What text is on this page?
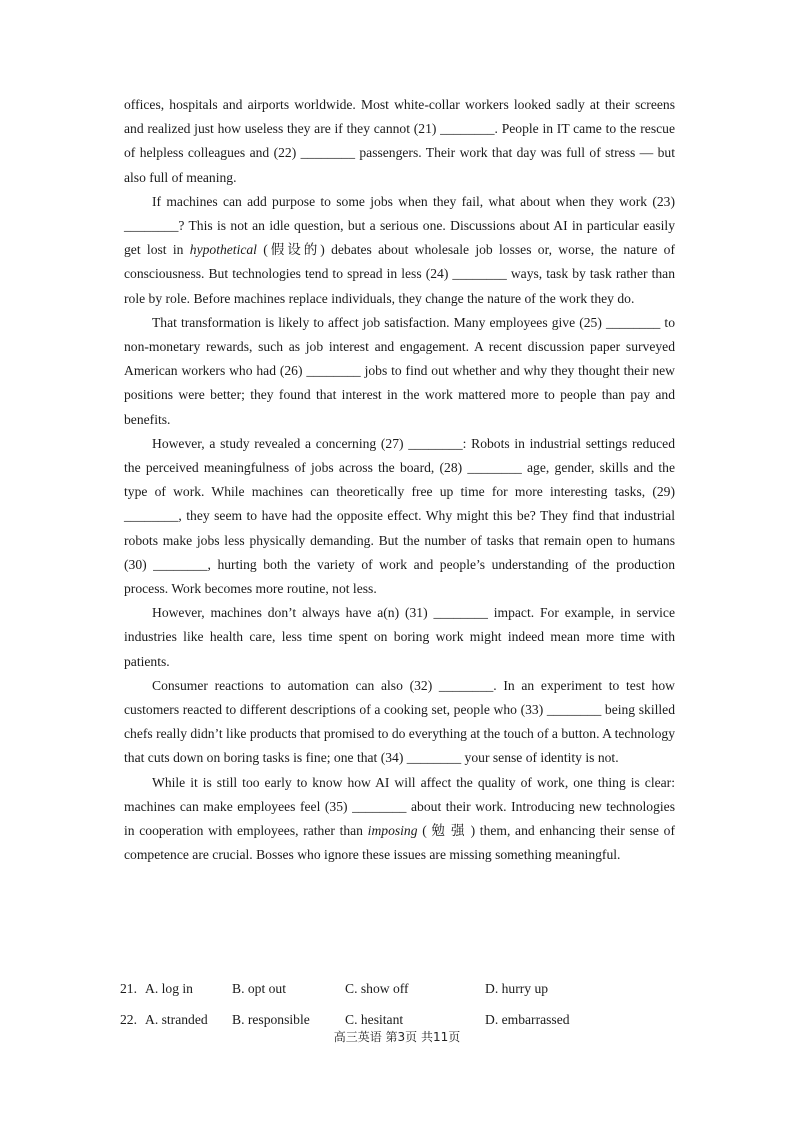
offices, hospitals and airports worldwide. Most white-collar workers looked sadly at their screens and realized just how useless they are if they cannot (21) ________. People in IT came to the rescue of helpless colleagues and (22) ________ passengers. Their work that day was full of stress — but also full of meaning.

If machines can add purpose to some jobs when they fail, what about when they work (23) ________? This is not an idle question, but a serious one. Discussions about AI in particular easily get lost in hypothetical (假设的) debates about wholesale job losses or, worse, the nature of consciousness. But technologies tend to spread in less (24) ________ ways, task by task rather than role by role. Before machines replace individuals, they change the nature of the work they do.

That transformation is likely to affect job satisfaction. Many employees give (25) ________ to non-monetary rewards, such as job interest and engagement. A recent discussion paper surveyed American workers who had (26) ________ jobs to find out whether and why they thought their new positions were better; they found that interest in the work mattered more to people than pay and benefits.

However, a study revealed a concerning (27) ________: Robots in industrial settings reduced the perceived meaningfulness of jobs across the board, (28) ________ age, gender, skills and the type of work. While machines can theoretically free up time for more interesting tasks, (29) ________, they seem to have had the opposite effect. Why might this be? They find that industrial robots make jobs less physically demanding. But the number of tasks that remain open to humans (30) ________, hurting both the variety of work and people’s understanding of the production process. Work becomes more routine, not less.

However, machines don’t always have a(n) (31) ________ impact. For example, in service industries like health care, less time spent on boring work might indeed mean more time with patients.

Consumer reactions to automation can also (32) ________. In an experiment to test how customers reacted to different descriptions of a cooking set, people who (33) ________ being skilled chefs really didn’t like products that promised to do everything at the touch of a button. A technology that cuts down on boring tasks is fine; one that (34) ________ your sense of identity is not.

While it is still too early to know how AI will affect the quality of work, one thing is clear: machines can make employees feel (35) ________ about their work. Introducing new technologies in cooperation with employees, rather than imposing ( 勉 强 ) them, and enhancing their sense of competence are crucial. Bosses who ignore these issues are missing something meaningful.

21. A. log in	B. opt out	C. show off	D. hurry up
22. A. stranded B. responsible	C. hesitant	D. embarrassed
高三英语 第3页 共11页
